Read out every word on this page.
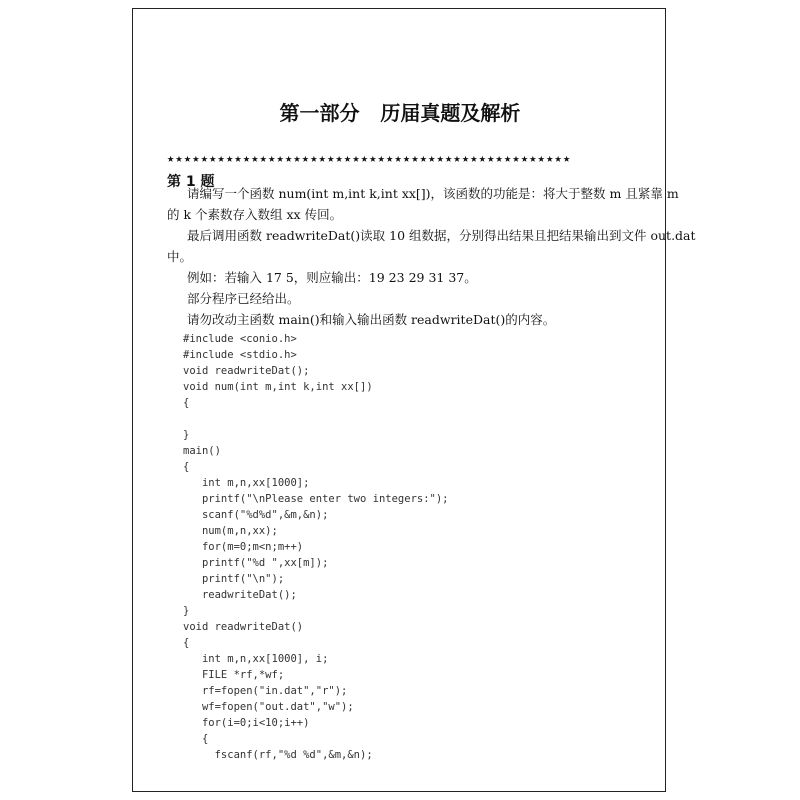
第一部分   历届真题及解析
★★★★★★★★★★★★★★★★★★★★★★★★★★★★★★★★★★★★★★★★★★★★★★★★
第 1 题
请编写一个函数 num(int m,int k,int xx[])，该函数的功能是：将大于整数 m 且紧靠 m
的 k 个素数存入数组 xx 传回。
最后调用函数 readwriteDat()读取 10 组数据，分别得出结果且把结果输出到文件 out.dat
中。
例如：若输入 17 5，则应输出：19 23 29 31 37。
部分程序已经给出。
请勿改动主函数 main()和输入输出函数 readwriteDat()的内容。
#include <conio.h>
#include <stdio.h>
void readwriteDat();
void num(int m,int k,int xx[])
{
}
main()
{
int m,n,xx[1000];
printf("\nPlease enter two integers:");
scanf("%d%d",&m,&n);
num(m,n,xx);
for(m=0;m<n;m++)
printf("%d ",xx[m]);
printf("\n");
readwriteDat();
}
void readwriteDat()
{
int m,n,xx[1000], i;
FILE *rf,*wf;
rf=fopen("in.dat","r");
wf=fopen("out.dat","w");
for(i=0;i<10;i++)
{
fscanf(rf,"%d %d",&m,&n);
